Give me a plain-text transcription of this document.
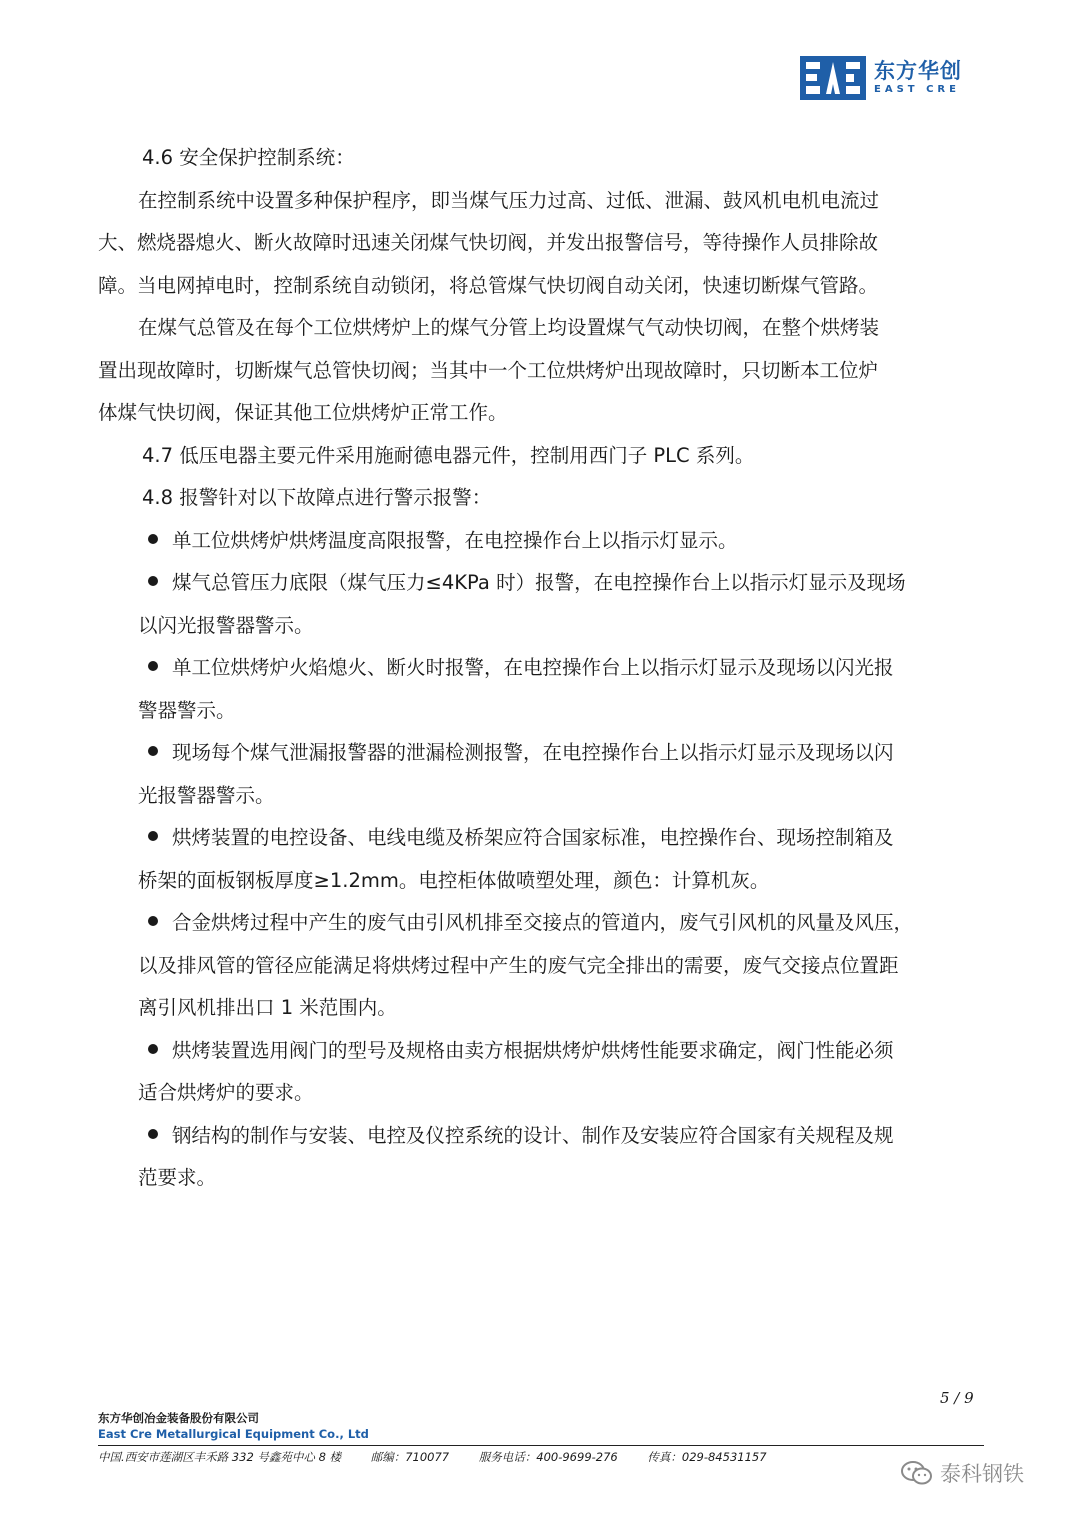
东方华创
EAST CRE
4.6 安全保护控制系统：
在控制系统中设置多种保护程序，即当煤气压力过高、过低、泄漏、鼓风机电机电流过
大、燃烧器熄火、断火故障时迅速关闭煤气快切阀，并发出报警信号，等待操作人员排除故
障。当电网掉电时，控制系统自动锁闭，将总管煤气快切阀自动关闭，快速切断煤气管路。
在煤气总管及在每个工位烘烤炉上的煤气分管上均设置煤气气动快切阀，在整个烘烤装
置出现故障时，切断煤气总管快切阀；当其中一个工位烘烤炉出现故障时，只切断本工位炉
体煤气快切阀，保证其他工位烘烤炉正常工作。
4.7 低压电器主要元件采用施耐德电器元件，控制用西门子 PLC 系列。
4.8 报警针对以下故障点进行警示报警：
单工位烘烤炉烘烤温度高限报警，在电控操作台上以指示灯显示。
煤气总管压力底限（煤气压力≤4KPa 时）报警，在电控操作台上以指示灯显示及现场
以闪光报警器警示。
单工位烘烤炉火焰熄火、断火时报警，在电控操作台上以指示灯显示及现场以闪光报
警器警示。
现场每个煤气泄漏报警器的泄漏检测报警，在电控操作台上以指示灯显示及现场以闪
光报警器警示。
烘烤装置的电控设备、电线电缆及桥架应符合国家标准，电控操作台、现场控制箱及
桥架的面板钢板厚度≥1.2mm。电控柜体做喷塑处理，颜色：计算机灰。
合金烘烤过程中产生的废气由引风机排至交接点的管道内，废气引风机的风量及风压，
以及排风管的管径应能满足将烘烤过程中产生的废气完全排出的需要，废气交接点位置距
离引风机排出口 1 米范围内。
烘烤装置选用阀门的型号及规格由卖方根据烘烤炉烘烤性能要求确定，阀门性能必须
适合烘烤炉的要求。
钢结构的制作与安装、电控及仪控系统的设计、制作及安装应符合国家有关规程及规
范要求。
5 / 9
东方华创冶金装备股份有限公司
East Cre Metallurgical Equipment Co., Ltd
中国.西安市莲湖区丰禾路 332 号鑫苑中心 8 楼	邮编：710077	服务电话：400-9699-276	传真：029-84531157
泰科钢铁
